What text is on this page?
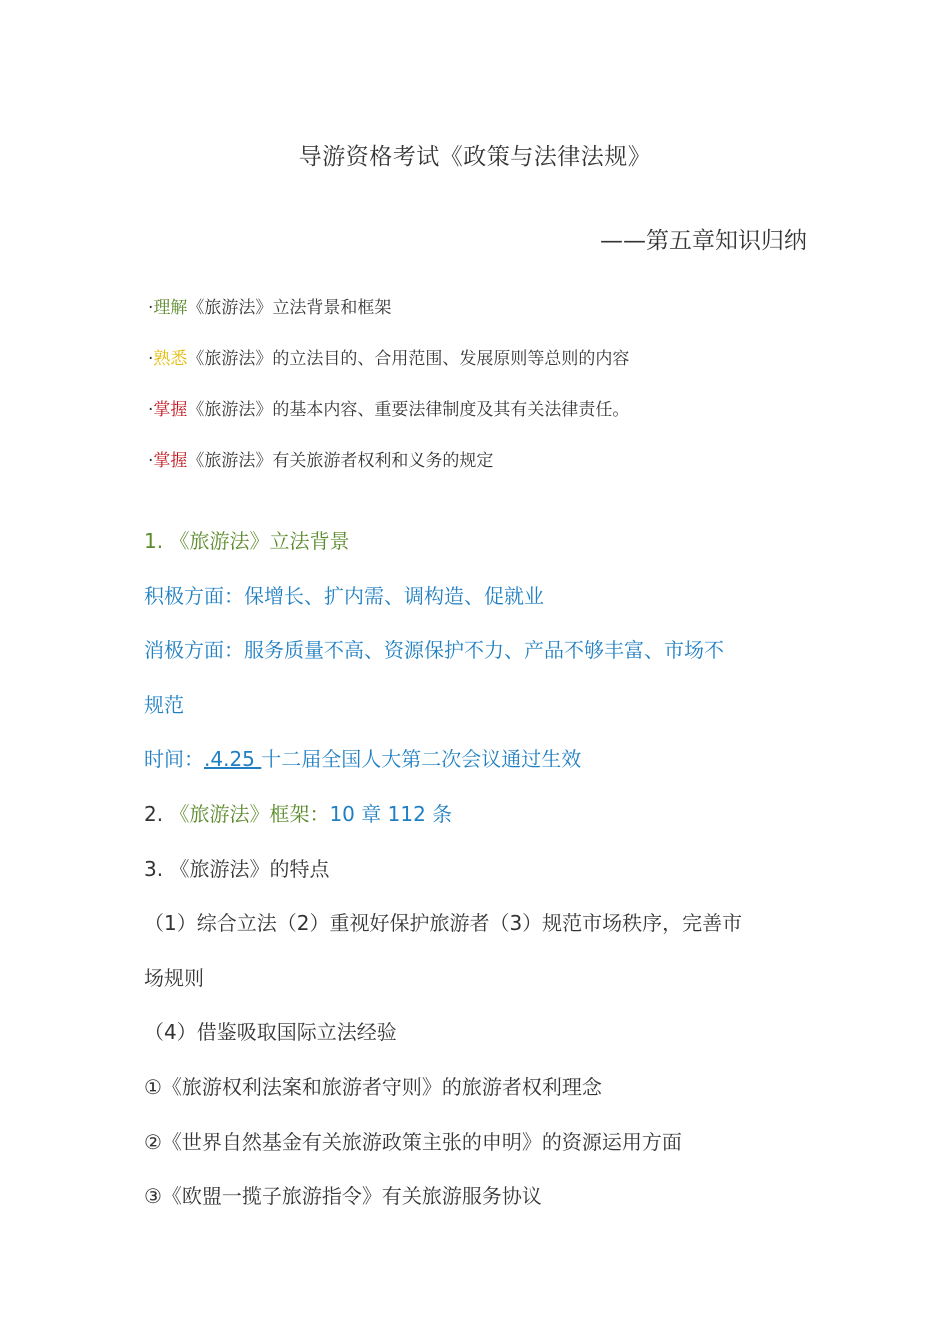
导游资格考试《政策与法律法规》
——第五章知识归纳
·理解《旅游法》立法背景和框架
·熟悉《旅游法》的立法目的、合用范围、发展原则等总则的内容
·掌握《旅游法》的基本内容、重要法律制度及其有关法律责任。
·掌握《旅游法》有关旅游者权利和义务的规定
1. 《旅游法》立法背景
积极方面：保增长、扩内需、调构造、促就业
消极方面：服务质量不高、资源保护不力、产品不够丰富、市场不
规范
时间：.4.25 十二届全国人大第二次会议通过生效
2. 《旅游法》框架：10 章 112 条
3. 《旅游法》的特点
（1）综合立法（2）重视好保护旅游者（3）规范市场秩序，完善市
场规则
（4）借鉴吸取国际立法经验
①《旅游权利法案和旅游者守则》的旅游者权利理念
②《世界自然基金有关旅游政策主张的申明》的资源运用方面
③《欧盟一揽子旅游指令》有关旅游服务协议
